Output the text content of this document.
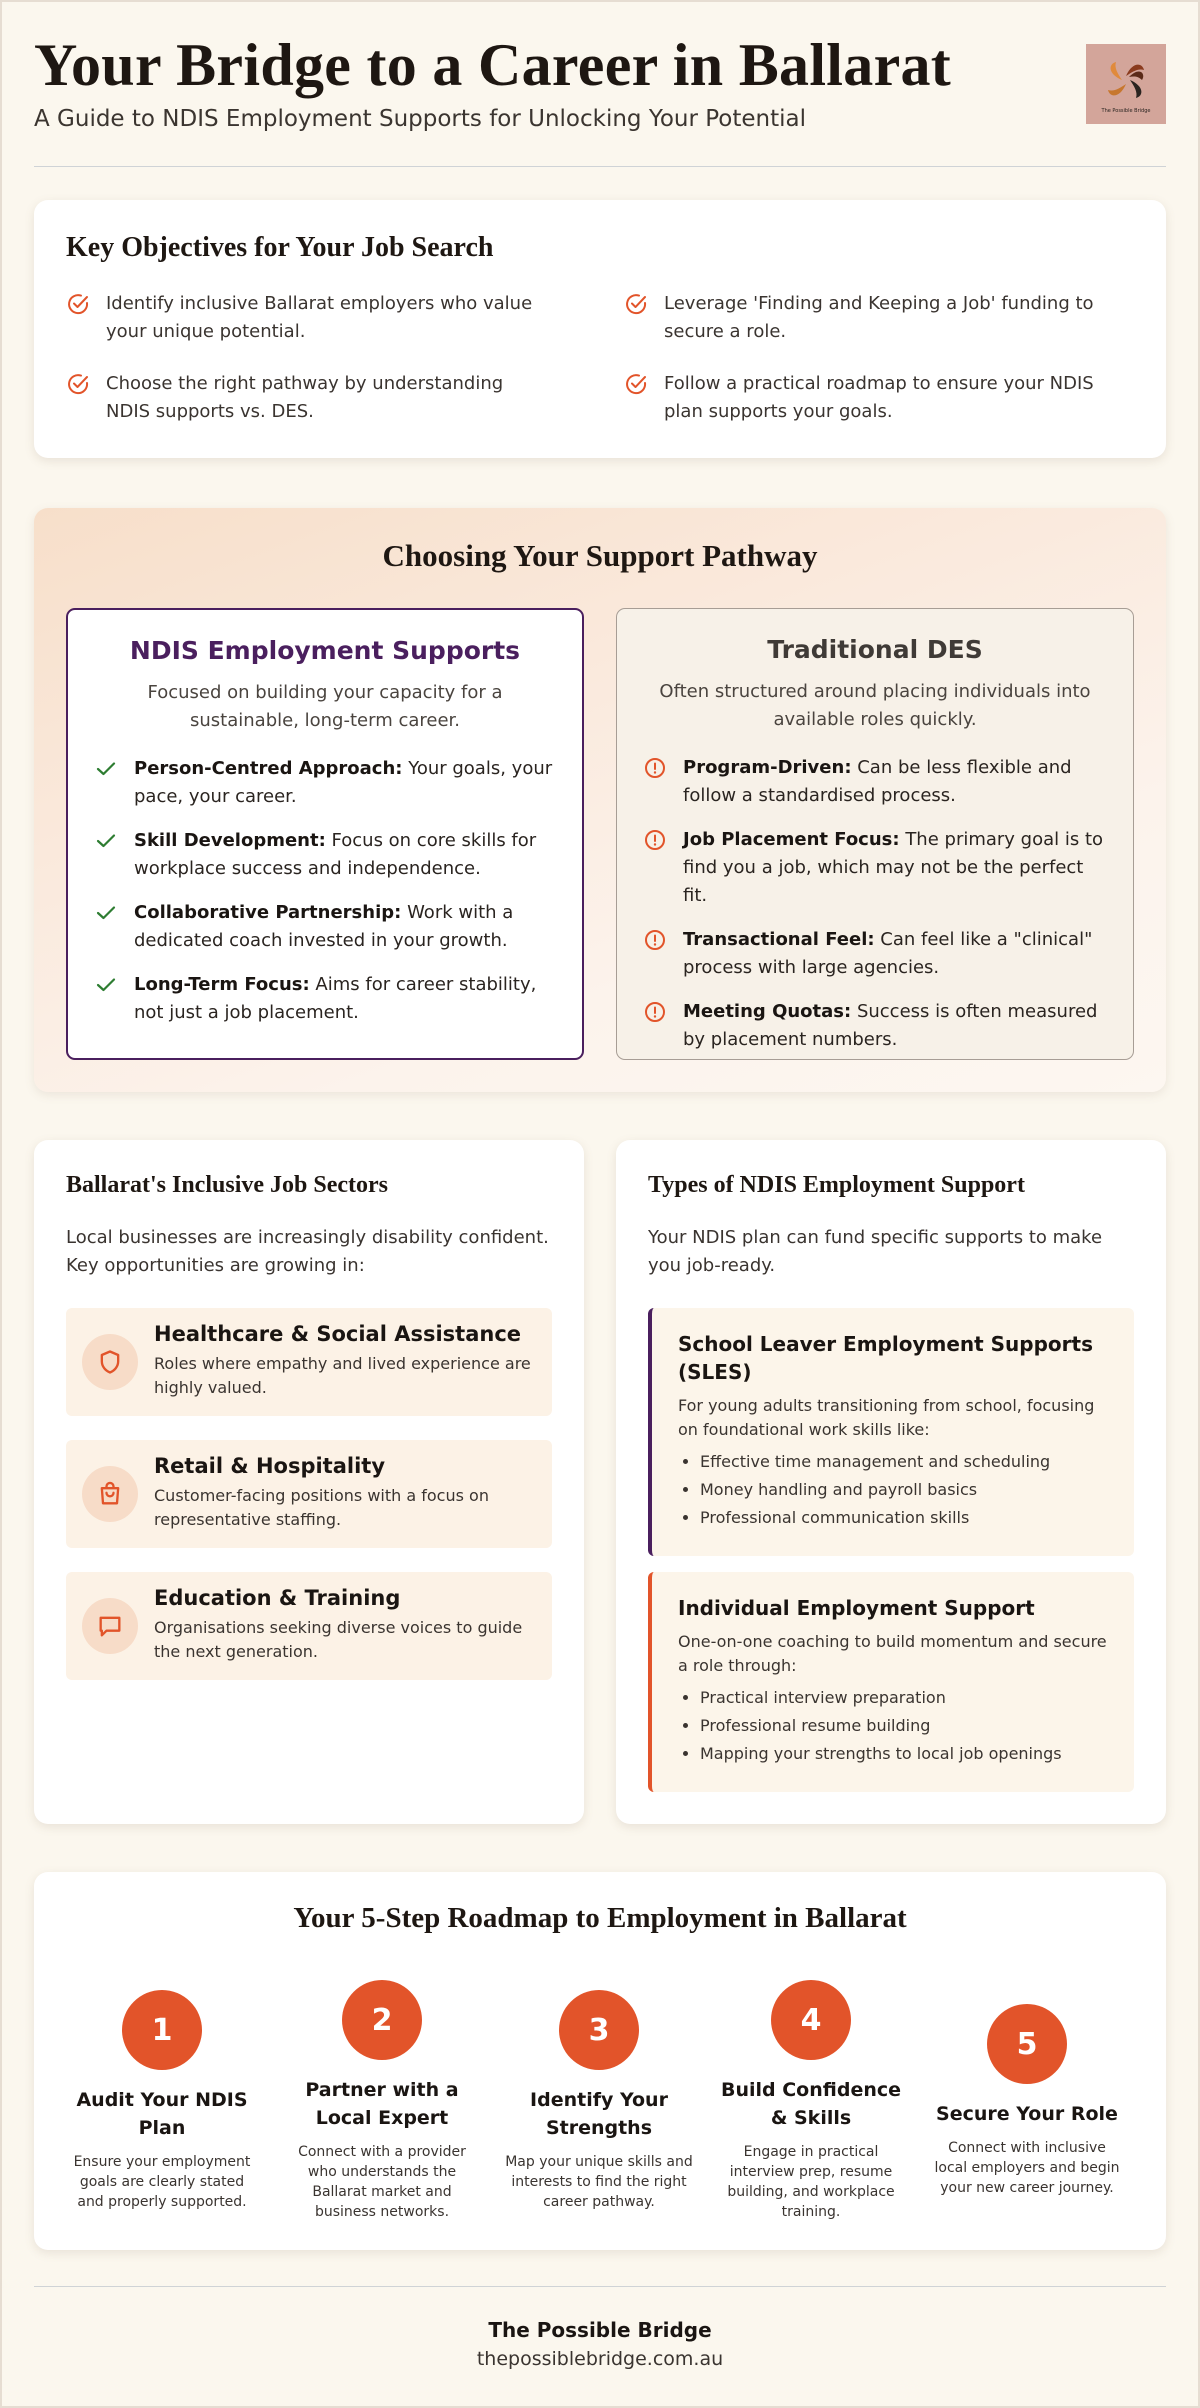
Your Bridge to a Career in Ballarat
A Guide to NDIS Employment Supports for Unlocking Your Potential	The Possible Bridge
Key Objectives for Your Job Search
Identify inclusive Ballarat employers who value your unique potential.
Leverage 'Finding and Keeping a Job' funding to secure a role.
Choose the right pathway by understanding NDIS supports vs. DES.
Follow a practical roadmap to ensure your NDIS plan supports your goals.
Choosing Your Support Pathway
NDIS Employment Supports
Focused on building your capacity for a sustainable, long-term career.
Person-Centred Approach: Your goals, your pace, your career.
Skill Development: Focus on core skills for workplace success and independence.
Collaborative Partnership: Work with a dedicated coach invested in your growth.
Long-Term Focus: Aims for career stability, not just a job placement.
Traditional DES
Often structured around placing individuals into available roles quickly.
Program-Driven: Can be less flexible and follow a standardised process.
Job Placement Focus: The primary goal is to find you a job, which may not be the perfect fit.
Transactional Feel: Can feel like a "clinical" process with large agencies.
Meeting Quotas: Success is often measured by placement numbers.
Ballarat's Inclusive Job Sectors
Local businesses are increasingly disability confident. Key opportunities are growing in:
Healthcare & Social Assistance
Roles where empathy and lived experience are highly valued.
Retail & Hospitality
Customer-facing positions with a focus on representative staffing.
Education & Training
Organisations seeking diverse voices to guide the next generation.
Types of NDIS Employment Support
Your NDIS plan can fund specific supports to make you job-ready.
School Leaver Employment Supports (SLES)

For young adults transitioning from school, focusing on foundational work skills like:

• Effective time management and scheduling
• Money handling and payroll basics
• Professional communication skills
Individual Employment Support

One-on-one coaching to build momentum and secure a role through:

• Practical interview preparation
• Professional resume building
• Mapping your strengths to local job openings
Your 5-Step Roadmap to Employment in Ballarat
1
Audit Your NDIS Plan
Ensure your employment goals are clearly stated and properly supported.
2
Partner with a Local Expert
Connect with a provider who understands the Ballarat market and business networks.
3
Identify Your Strengths
Map your unique skills and interests to find the right career pathway.
4
Build Confidence & Skills
Engage in practical interview prep, resume building, and workplace training.
5
Secure Your Role
Connect with inclusive local employers and begin your new career journey.
The Possible Bridge
thepossiblebridge.com.au
